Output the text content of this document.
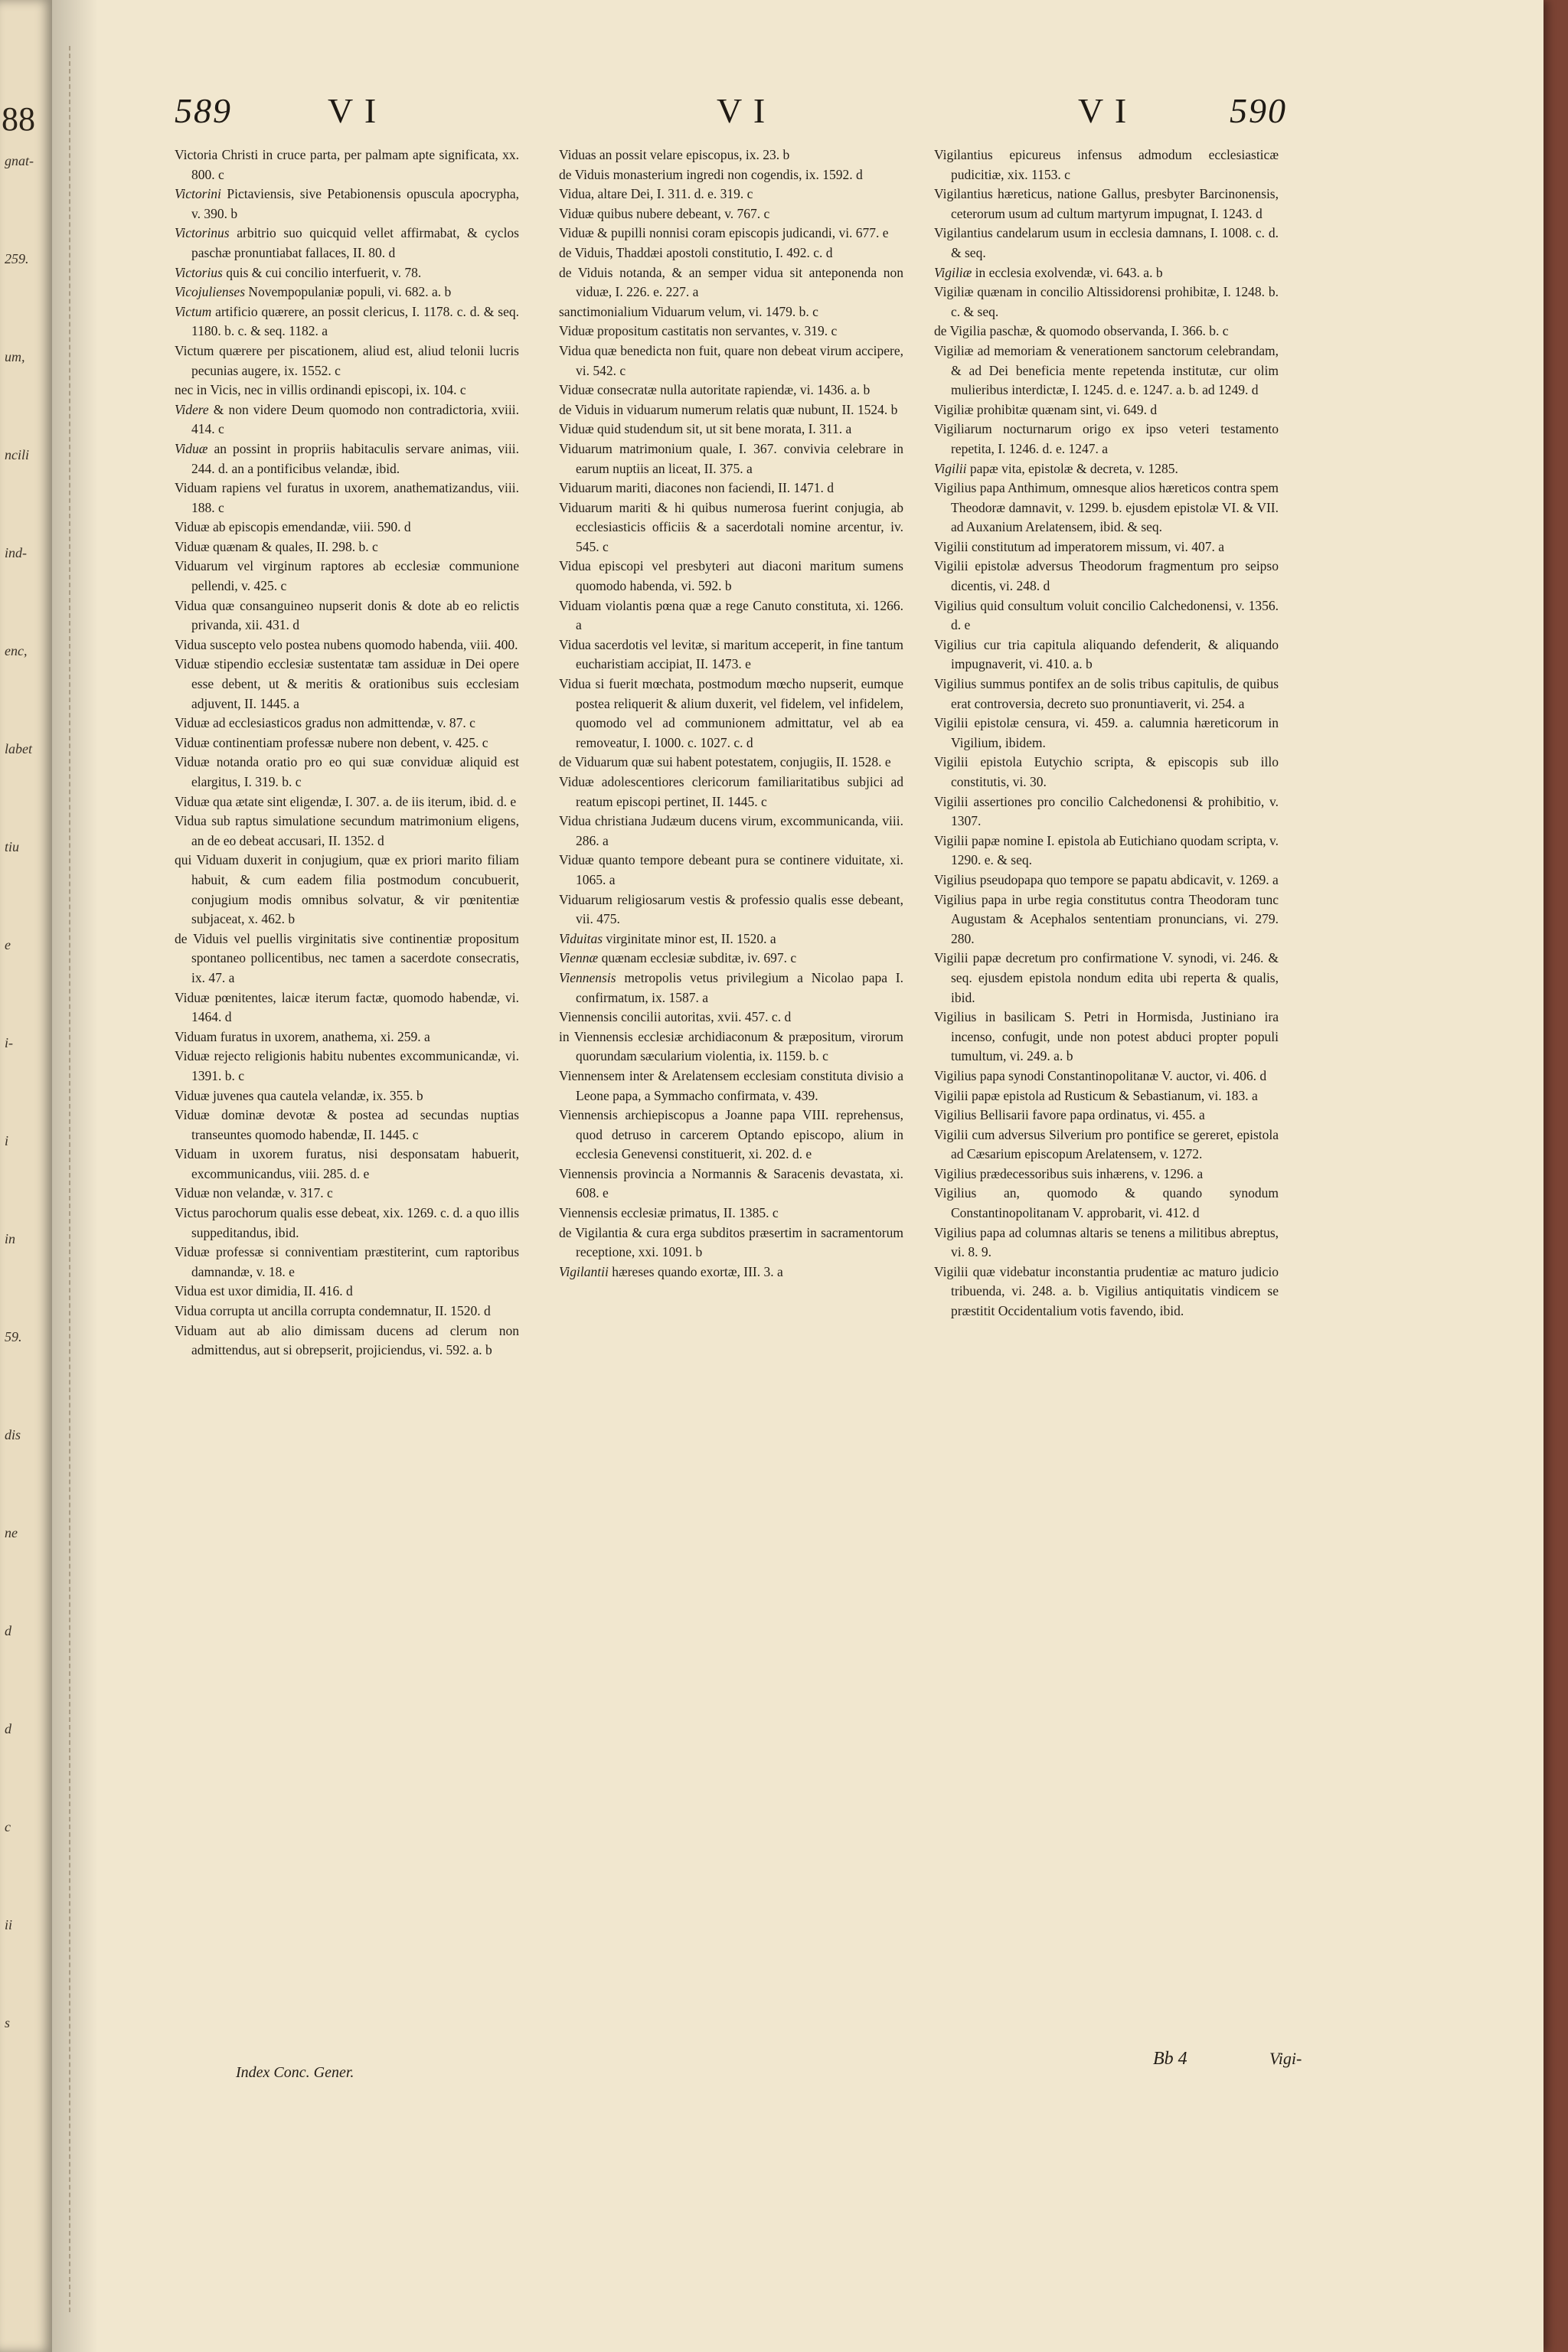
88
gnat-
259.
um,
ncili
ind-
enc,
labet
tiu
e
i-
i
in
59.
dis
ne
d
d
c
ii
s
589	V I	V I	V I	590

Victoria Christi in cruce parta, per palmam apte significata, xx. 800. c

Victorini Pictaviensis, sive Petabionensis opuscula apocrypha, v. 390. b

Victorinus arbitrio suo quicquid vellet affirmabat, & cyclos paschæ pronuntiabat fallaces, II. 80. d

Victorius quis & cui concilio interfuerit, v. 78.

Vicojulienses Novempopulaniæ populi, vi. 682. a. b

Victum artificio quærere, an possit clericus, I. 1178. c. d. & seq. 1180. b. c. & seq. 1182. a

Victum quærere per piscationem, aliud est, aliud telonii lucris pecunias augere, ix. 1552. c

nec in Vicis, nec in villis ordinandi episcopi, ix. 104. c

Videre & non videre Deum quomodo non contradictoria, xviii. 414. c

Viduæ an possint in propriis habitaculis servare animas, viii. 244. d. an a pontificibus velandæ, ibid.

Viduam rapiens vel furatus in uxorem, anathematizandus, viii. 188. c

Viduæ ab episcopis emendandæ, viii. 590. d

Viduæ quænam & quales, II. 298. b. c

Viduarum vel virginum raptores ab ecclesiæ communione pellendi, v. 425. c

Vidua quæ consanguineo nupserit donis & dote ab eo relictis privanda, xii. 431. d

Vidua suscepto velo postea nubens quomodo habenda, viii. 400.

Viduæ stipendio ecclesiæ sustentatæ tam assiduæ in Dei opere esse debent, ut & meritis & orationibus suis ecclesiam adjuvent, II. 1445. a

Viduæ ad ecclesiasticos gradus non admittendæ, v. 87. c

Viduæ continentiam professæ nubere non debent, v. 425. c

Viduæ notanda oratio pro eo qui suæ conviduæ aliquid est elargitus, I. 319. b. c

Viduæ qua ætate sint eligendæ, I. 307. a. de iis iterum, ibid. d. e

Vidua sub raptus simulatione secundum matrimonium eligens, an de eo debeat accusari, II. 1352. d

qui Viduam duxerit in conjugium, quæ ex priori marito filiam habuit, & cum eadem filia postmodum concubuerit, conjugium modis omnibus solvatur, & vir pœnitentiæ subjaceat, x. 462. b

de Viduis vel puellis virginitatis sive continentiæ propositum spontaneo pollicentibus, nec tamen a sacerdote consecratis, ix. 47. a

Viduæ pœnitentes, laicæ iterum factæ, quomodo habendæ, vi. 1464. d

Viduam furatus in uxorem, anathema, xi. 259. a

Viduæ rejecto religionis habitu nubentes excommunicandæ, vi. 1391. b. c

Viduæ juvenes qua cautela velandæ, ix. 355. b

Viduæ dominæ devotæ & postea ad secundas nuptias transeuntes quomodo habendæ, II. 1445. c

Viduam in uxorem furatus, nisi desponsatam habuerit, excommunicandus, viii. 285. d. e

Viduæ non velandæ, v. 317. c

Victus parochorum qualis esse debeat, xix. 1269. c. d. a quo illis suppeditandus, ibid.

Viduæ professæ si conniventiam præstiterint, cum raptoribus damnandæ, v. 18. e

Vidua est uxor dimidia, II. 416. d

Vidua corrupta ut ancilla corrupta condemnatur, II. 1520. d

Viduam aut ab alio dimissam ducens ad clerum non admittendus, aut si obrepserit, projiciendus, vi. 592. a. b

Viduas an possit velare episcopus, ix. 23. b

de Viduis monasterium ingredi non cogendis, ix. 1592. d

Vidua, altare Dei, I. 311. d. e. 319. c

Viduæ quibus nubere debeant, v. 767. c

Viduæ & pupilli nonnisi coram episcopis judicandi, vi. 677. e

de Viduis, Thaddæi apostoli constitutio, I. 492. c. d

de Viduis notanda, & an semper vidua sit anteponenda non viduæ, I. 226. e. 227. a

sanctimonialium Viduarum velum, vi. 1479. b. c

Viduæ propositum castitatis non servantes, v. 319. c

Vidua quæ benedicta non fuit, quare non debeat virum accipere, vi. 542. c

Viduæ consecratæ nulla autoritate rapiendæ, vi. 1436. a. b

de Viduis in viduarum numerum relatis quæ nubunt, II. 1524. b

Viduæ quid studendum sit, ut sit bene morata, I. 311. a

Viduarum matrimonium quale, I. 367. convivia celebrare in earum nuptiis an liceat, II. 375. a

Viduarum mariti, diacones non faciendi, II. 1471. d

Viduarum mariti & hi quibus numerosa fuerint conjugia, ab ecclesiasticis officiis & a sacerdotali nomine arcentur, iv. 545. c

Vidua episcopi vel presbyteri aut diaconi maritum sumens quomodo habenda, vi. 592. b

Viduam violantis pœna quæ a rege Canuto constituta, xi. 1266. a

Vidua sacerdotis vel levitæ, si maritum acceperit, in fine tantum eucharistiam accipiat, II. 1473. e

Vidua si fuerit mœchata, postmodum mœcho nupserit, eumque postea reliquerit & alium duxerit, vel fidelem, vel infidelem, quomodo vel ad communionem admittatur, vel ab ea removeatur, I. 1000. c. 1027. c. d

de Viduarum quæ sui habent potestatem, conjugiis, II. 1528. e

Viduæ adolescentiores clericorum familiaritatibus subjici ad reatum episcopi pertinet, II. 1445. c

Vidua christiana Judæum ducens virum, excommunicanda, viii. 286. a

Viduæ quanto tempore debeant pura se continere viduitate, xi. 1065. a

Viduarum religiosarum vestis & professio qualis esse debeant, vii. 475.

Viduitas virginitate minor est, II. 1520. a

Viennæ quænam ecclesiæ subditæ, iv. 697. c

Viennensis metropolis vetus privilegium a Nicolao papa I. confirmatum, ix. 1587. a

Viennensis concilii autoritas, xvii. 457. c. d

in Viennensis ecclesiæ archidiaconum & præpositum, virorum quorundam sæcularium violentia, ix. 1159. b. c

Viennensem inter & Arelatensem ecclesiam constituta divisio a Leone papa, a Symmacho confirmata, v. 439.

Viennensis archiepiscopus a Joanne papa VIII. reprehensus, quod detruso in carcerem Optando episcopo, alium in ecclesia Genevensi constituerit, xi. 202. d. e

Viennensis provincia a Normannis & Saracenis devastata, xi. 608. e

Viennensis ecclesiæ primatus, II. 1385. c

de Vigilantia & cura erga subditos præsertim in sacramentorum receptione, xxi. 1091. b

Vigilantii hæreses quando exortæ, III. 3. a

Vigilantius epicureus infensus admodum ecclesiasticæ pudicitiæ, xix. 1153. c

Vigilantius hæreticus, natione Gallus, presbyter Barcinonensis, ceterorum usum ad cultum martyrum impugnat, I. 1243. d

Vigilantius candelarum usum in ecclesia damnans, I. 1008. c. d. & seq.

Vigiliæ in ecclesia exolvendæ, vi. 643. a. b

Vigiliæ quænam in concilio Altissidorensi prohibitæ, I. 1248. b. c. & seq.

de Vigilia paschæ, & quomodo observanda, I. 366. b. c

Vigiliæ ad memoriam & venerationem sanctorum celebrandam, & ad Dei beneficia mente repetenda institutæ, cur olim mulieribus interdictæ, I. 1245. d. e. 1247. a. b. ad 1249. d

Vigiliæ prohibitæ quænam sint, vi. 649. d

Vigiliarum nocturnarum origo ex ipso veteri testamento repetita, I. 1246. d. e. 1247. a

Vigilii papæ vita, epistolæ & decreta, v. 1285.

Vigilius papa Anthimum, omnesque alios hæreticos contra spem Theodoræ damnavit, v. 1299. b. ejusdem epistolæ VI. & VII. ad Auxanium Arelatensem, ibid. & seq.

Vigilii constitutum ad imperatorem missum, vi. 407. a

Vigilii epistolæ adversus Theodorum fragmentum pro seipso dicentis, vi. 248. d

Vigilius quid consultum voluit concilio Calchedonensi, v. 1356. d. e

Vigilius cur tria capitula aliquando defenderit, & aliquando impugnaverit, vi. 410. a. b

Vigilius summus pontifex an de solis tribus capitulis, de quibus erat controversia, decreto suo pronuntiaverit, vi. 254. a

Vigilii epistolæ censura, vi. 459. a. calumnia hæreticorum in Vigilium, ibidem.

Vigilii epistola Eutychio scripta, & episcopis sub illo constitutis, vi. 30.

Vigilii assertiones pro concilio Calchedonensi & prohibitio, v. 1307.

Vigilii papæ nomine I. epistola ab Eutichiano quodam scripta, v. 1290. e. & seq.

Vigilius pseudopapa quo tempore se papatu abdicavit, v. 1269. a

Vigilius papa in urbe regia constitutus contra Theodoram tunc Augustam & Acephalos sententiam pronuncians, vi. 279. 280.

Vigilii papæ decretum pro confirmatione V. synodi, vi. 246. & seq. ejusdem epistola nondum edita ubi reperta & qualis, ibid.

Vigilius in basilicam S. Petri in Hormisda, Justiniano ira incenso, confugit, unde non potest abduci propter populi tumultum, vi. 249. a. b

Vigilius papa synodi Constantinopolitanæ V. auctor, vi. 406. d

Vigilii papæ epistola ad Rusticum & Sebastianum, vi. 183. a

Vigilius Bellisarii favore papa ordinatus, vi. 455. a

Vigilii cum adversus Silverium pro pontifice se gereret, epistola ad Cæsarium episcopum Arelatensem, v. 1272.

Vigilius prædecessoribus suis inhærens, v. 1296. a

Vigilius an, quomodo & quando synodum Constantinopolitanam V. approbarit, vi. 412. d

Vigilius papa ad columnas altaris se tenens a militibus abreptus, vi. 8. 9.

Vigilii quæ videbatur inconstantia prudentiæ ac maturo judicio tribuenda, vi. 248. a. b. Vigilius antiquitatis vindicem se præstitit Occidentalium votis favendo, ibid.

Index Conc. Gener.
Bb 4	Vigi-
